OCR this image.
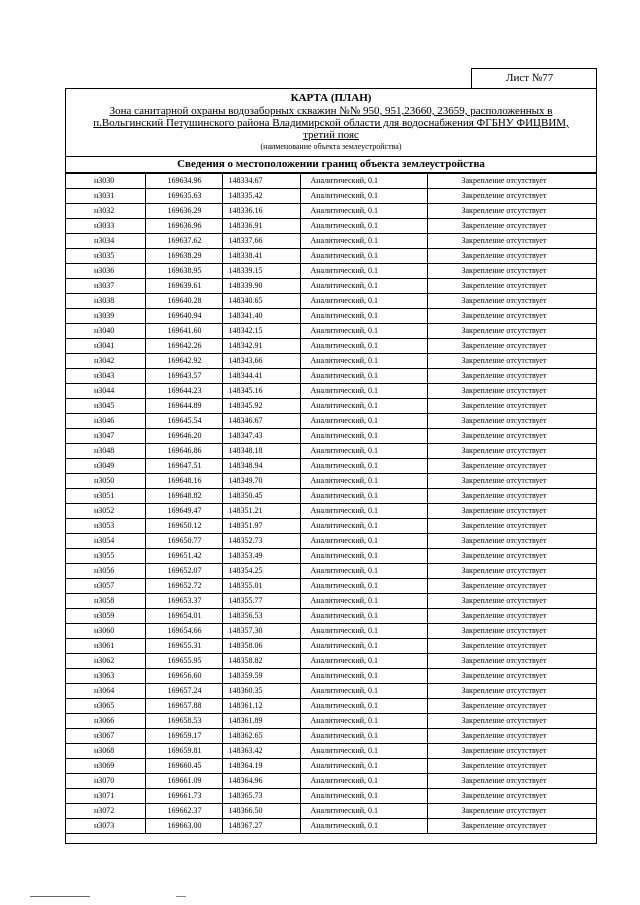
Лист №77
КАРТА (ПЛАН)
Зона санитарной охраны водозаборных скважин №№ 950, 951,23660, 23659, расположенных в
п.Вольгинский Петушинского района Владимирской области для водоснабжения ФГБНУ ФИЦВИМ,
третий пояс
(наименование объекта землеустройства)
Сведения о местоположении границ объекта землеустройства
н3030	169634.96	148334.67	Аналитический, 0.1	Закрепление отсутствует
н3031	169635.63	148335.42	Аналитический, 0.1	Закрепление отсутствует
н3032	169636.29	148336.16	Аналитический, 0.1	Закрепление отсутствует
н3033	169636.96	148336.91	Аналитический, 0.1	Закрепление отсутствует
н3034	169637.62	148337.66	Аналитический, 0.1	Закрепление отсутствует
н3035	169638.29	148338.41	Аналитический, 0.1	Закрепление отсутствует
н3036	169638.95	148339.15	Аналитический, 0.1	Закрепление отсутствует
н3037	169639.61	148339.90	Аналитический, 0.1	Закрепление отсутствует
н3038	169640.28	148340.65	Аналитический, 0.1	Закрепление отсутствует
н3039	169640.94	148341.40	Аналитический, 0.1	Закрепление отсутствует
н3040	169641.60	148342.15	Аналитический, 0.1	Закрепление отсутствует
н3041	169642.26	148342.91	Аналитический, 0.1	Закрепление отсутствует
н3042	169642.92	148343.66	Аналитический, 0.1	Закрепление отсутствует
н3043	169643.57	148344.41	Аналитический, 0.1	Закрепление отсутствует
н3044	169644.23	148345.16	Аналитический, 0.1	Закрепление отсутствует
н3045	169644.89	148345.92	Аналитический, 0.1	Закрепление отсутствует
н3046	169645.54	148346.67	Аналитический, 0.1	Закрепление отсутствует
н3047	169646.20	148347.43	Аналитический, 0.1	Закрепление отсутствует
н3048	169646.86	148348.18	Аналитический, 0.1	Закрепление отсутствует
н3049	169647.51	148348.94	Аналитический, 0.1	Закрепление отсутствует
н3050	169648.16	148349.70	Аналитический, 0.1	Закрепление отсутствует
н3051	169648.82	148350.45	Аналитический, 0.1	Закрепление отсутствует
н3052	169649.47	148351.21	Аналитический, 0.1	Закрепление отсутствует
н3053	169650.12	148351.97	Аналитический, 0.1	Закрепление отсутствует
н3054	169650.77	148352.73	Аналитический, 0.1	Закрепление отсутствует
н3055	169651.42	148353.49	Аналитический, 0.1	Закрепление отсутствует
н3056	169652.07	148354.25	Аналитический, 0.1	Закрепление отсутствует
н3057	169652.72	148355.01	Аналитический, 0.1	Закрепление отсутствует
н3058	169653.37	148355.77	Аналитический, 0.1	Закрепление отсутствует
н3059	169654.01	148356.53	Аналитический, 0.1	Закрепление отсутствует
н3060	169654.66	148357.30	Аналитический, 0.1	Закрепление отсутствует
н3061	169655.31	148358.06	Аналитический, 0.1	Закрепление отсутствует
н3062	169655.95	148358.82	Аналитический, 0.1	Закрепление отсутствует
н3063	169656.60	148359.59	Аналитический, 0.1	Закрепление отсутствует
н3064	169657.24	148360.35	Аналитический, 0.1	Закрепление отсутствует
н3065	169657.88	148361.12	Аналитический, 0.1	Закрепление отсутствует
н3066	169658.53	148361.89	Аналитический, 0.1	Закрепление отсутствует
н3067	169659.17	148362.65	Аналитический, 0.1	Закрепление отсутствует
н3068	169659.81	148363.42	Аналитический, 0.1	Закрепление отсутствует
н3069	169660.45	148364.19	Аналитический, 0.1	Закрепление отсутствует
н3070	169661.09	148364.96	Аналитический, 0.1	Закрепление отсутствует
н3071	169661.73	148365.73	Аналитический, 0.1	Закрепление отсутствует
н3072	169662.37	148366.50	Аналитический, 0.1	Закрепление отсутствует
н3073	169663.00	148367.27	Аналитический, 0.1	Закрепление отсутствует
